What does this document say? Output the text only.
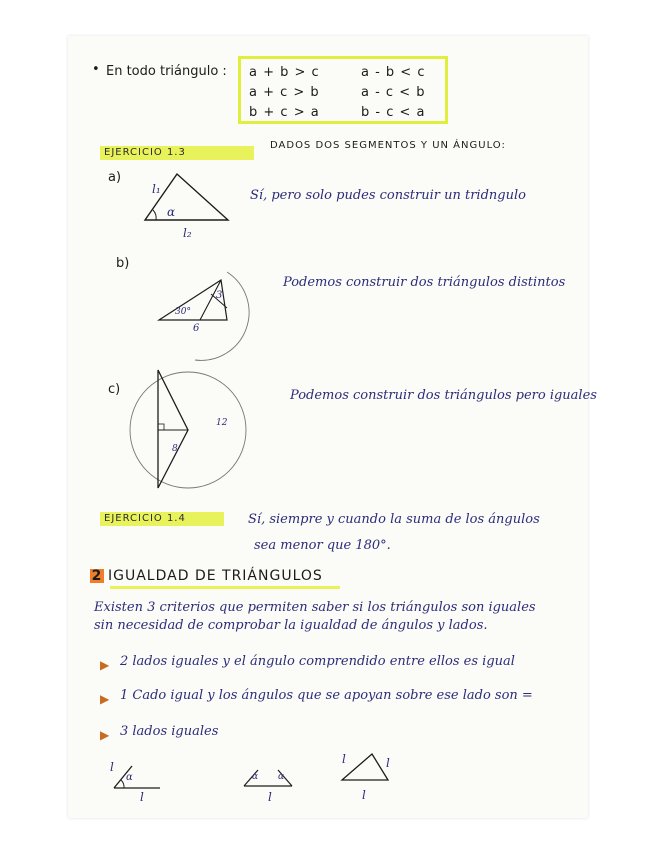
• En todo triángulo : a + b > c
a + c > b
b + c > a
a - b < c
a - c < b
b - c < a
EJERCICIO 1.3
DADOS DOS SEGMENTOS Y UN ÁNGULO:
a)
l₁
α
l₂
Sí, pero solo pudes construir un tridngulo
b)
30°
6
3
Podemos construir dos triángulos distintos
c)
12
8
Podemos construir dos triángulos pero iguales
EJERCICIO 1.4	Sí, siempre y cuando la suma de los ángulos
sea menor que 180°.
2 IGUALDAD DE TRIÁNGULOS
Existen 3 criterios que permiten saber si los triángulos son iguales
sin necesidad de comprobar la igualdad de ángulos y lados.
▶ 2 lados iguales y el ángulo comprendido entre ellos es igual
▶ 1 Cado igual y los ángulos que se apoyan sobre ese lado son =
▶ 3 lados iguales
l
α
l
α α
l
l	l
l
